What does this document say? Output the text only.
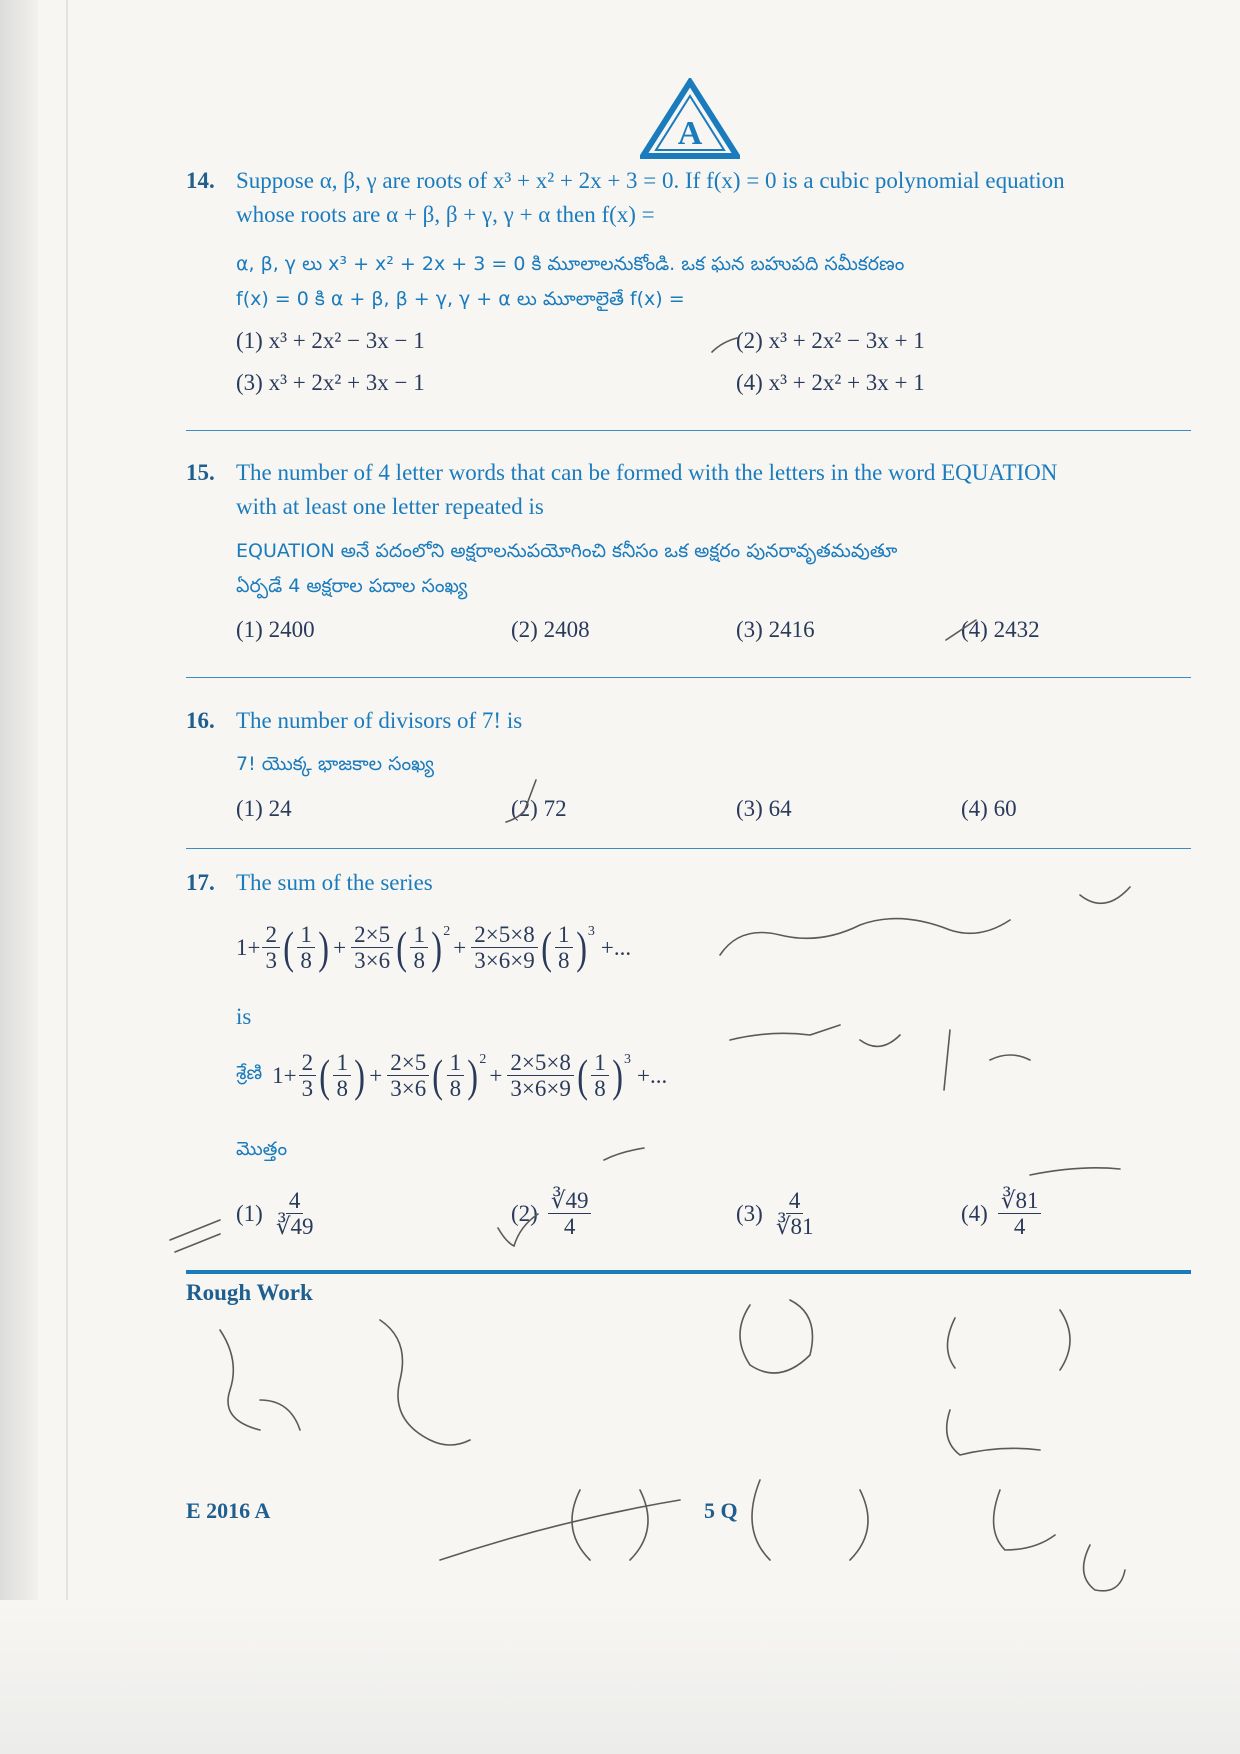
A
14. Suppose α, β, γ are roots of x³ + x² + 2x + 3 = 0. If f(x) = 0 is a cubic polynomial equation
whose roots are α + β, β + γ, γ + α then f(x) =
α, β, γ లు x³ + x² + 2x + 3 = 0 కి మూలాలనుకోండి. ఒక ఘన బహుపది సమీకరణం
f(x) = 0 కి α + β, β + γ, γ + α లు మూలాలైతే f(x) =
(1) x³ + 2x² − 3x − 1	(2) x³ + 2x² − 3x + 1
(3) x³ + 2x² + 3x − 1	(4) x³ + 2x² + 3x + 1
15. The number of 4 letter words that can be formed with the letters in the word EQUATION
with at least one letter repeated is
EQUATION అనే పదంలోని అక్షరాలనుపయోగించి కనీసం ఒక అక్షరం పునరావృతమవుతూ
ఏర్పడే 4 అక్షరాల పదాల సంఖ్య
(1) 2400	(2) 2408	(3) 2416	(4) 2432
16. The number of divisors of 7! is
7! యొక్క భాజకాల సంఖ్య
(1) 24	(2) 72	(3) 64	(4) 60
17. The sum of the series
$1+ \frac{2}{3}$ ( $\frac{1}{8}$ ) + $\frac{2\times 5}{3\times 6}$ ( $\frac{1}{8}$ ) 2
+ $\frac{2\times 5\times 8}{3\times 6\times 9}$ ( $\frac{1}{8}$ ) 3
+...
is
శ్రేణి $1+ \frac{2}{3}$ ( $\frac{1}{8}$ ) + $\frac{2\times 5}{3\times 6}$ ( $\frac{1}{8}$ ) 2
+ $\frac{2\times 5\times 8}{3\times 6\times 9}$ ( $\frac{1}{8}$ ) 3
+...
మొత్తం
$(1) \frac{4}{∛49}$	$(2) \frac{∛49}{4}$	$(3) \frac{4}{∛81}$	$(4) \frac{∛81}{4}$
Rough Work
E 2016 A	5 Q
